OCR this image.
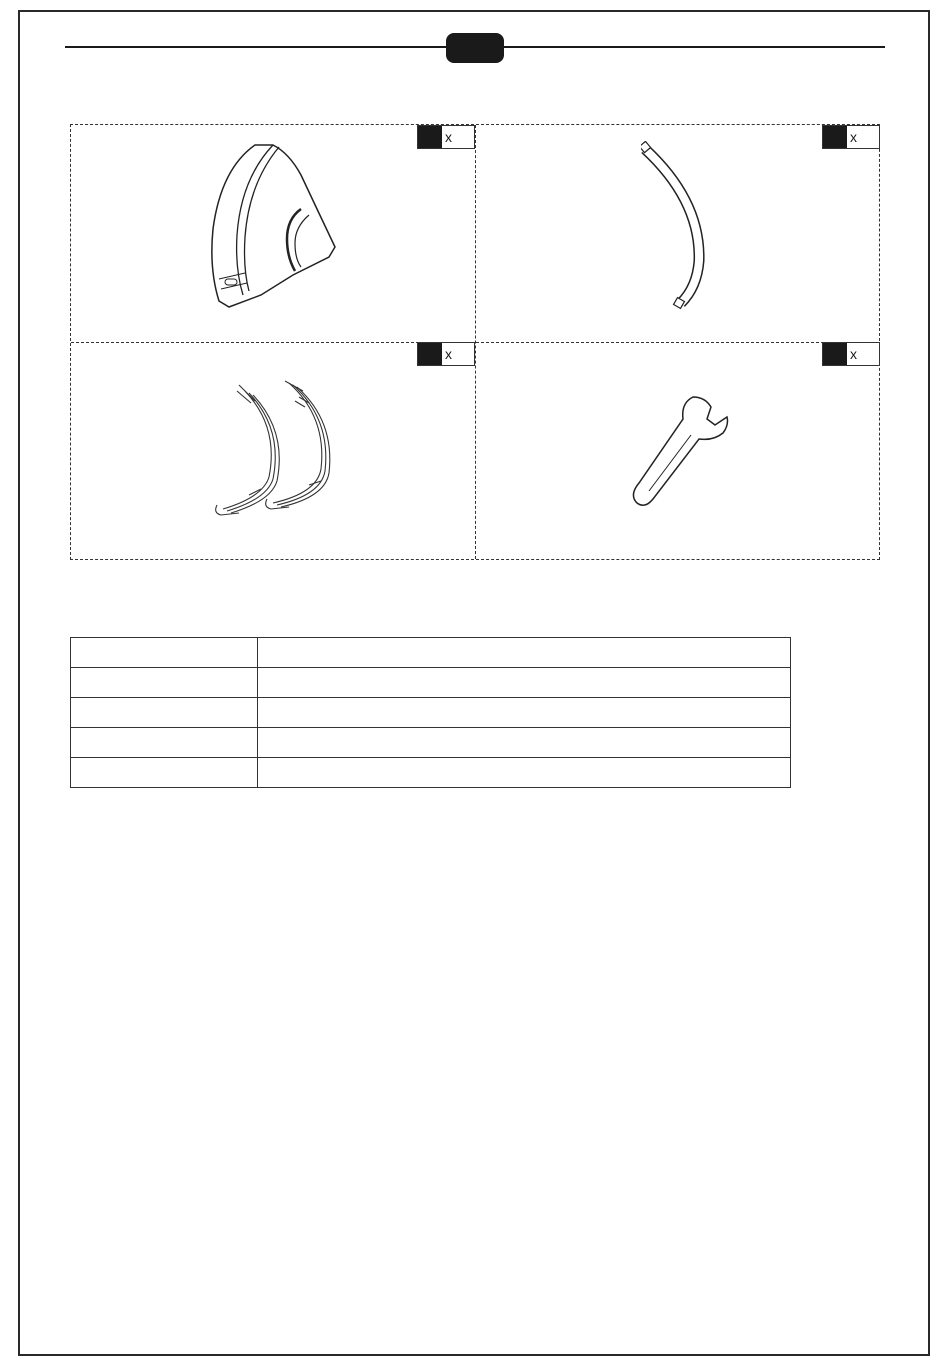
x	x
x	x
